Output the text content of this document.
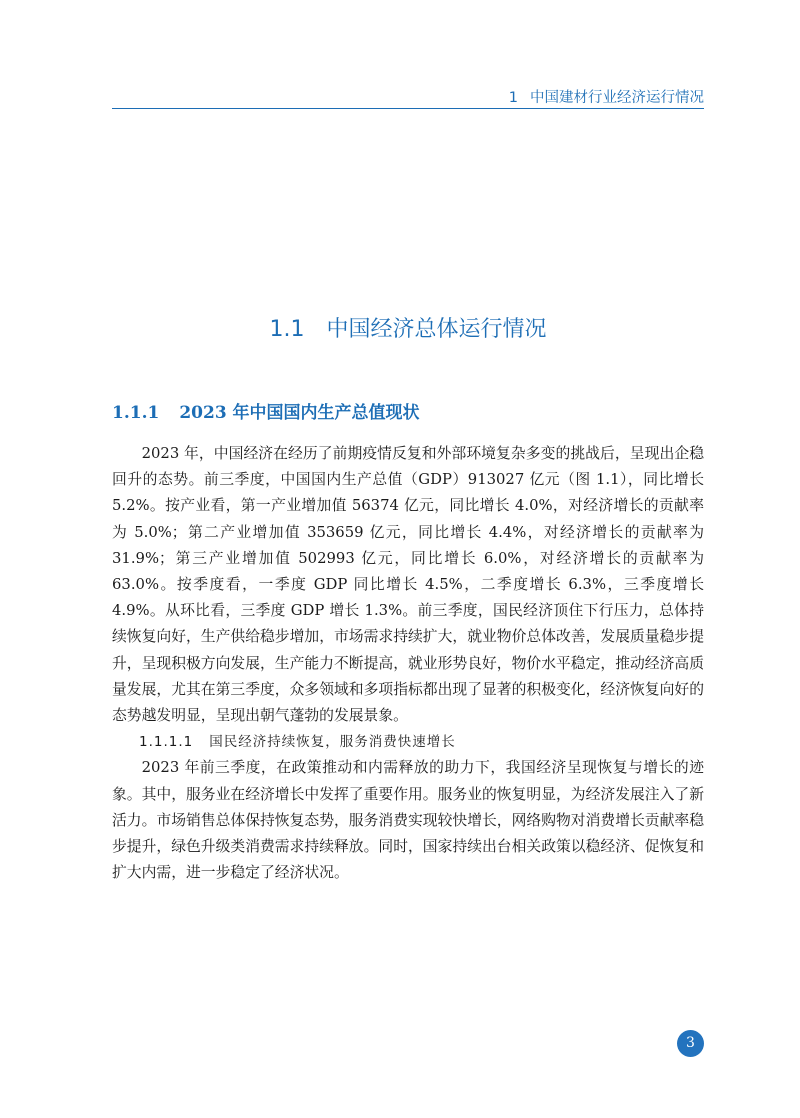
1 中国建材行业经济运行情况
1.1 中国经济总体运行情况
1.1.1 2023 年中国国内生产总值现状

2023 年，中国经济在经历了前期疫情反复和外部环境复杂多变的挑战后，呈现出企稳回升的态势。前三季度，中国国内生产总值（GDP）913027 亿元（图 1.1），同比增长 5.2%。按产业看，第一产业增加值 56374 亿元，同比增长 4.0%，对经济增长的贡献率为 5.0%；第二产业增加值 353659 亿元，同比增长 4.4%，对经济增长的贡献率为 31.9%；第三产业增加值 502993 亿元，同比增长 6.0%，对经济增长的贡献率为 63.0%。按季度看，一季度 GDP 同比增长 4.5%，二季度增长 6.3%，三季度增长 4.9%。从环比看，三季度 GDP 增长 1.3%。前三季度，国民经济顶住下行压力，总体持续恢复向好，生产供给稳步增加，市场需求持续扩大，就业物价总体改善，发展质量稳步提升，呈现积极方向发展，生产能力不断提高，就业形势良好，物价水平稳定，推动经济高质量发展，尤其在第三季度，众多领域和多项指标都出现了显著的积极变化，经济恢复向好的态势越发明显，呈现出朝气蓬勃的发展景象。

1.1.1.1 国民经济持续恢复，服务消费快速增长

2023 年前三季度，在政策推动和内需释放的助力下，我国经济呈现恢复与增长的迹象。其中，服务业在经济增长中发挥了重要作用。服务业的恢复明显，为经济发展注入了新活力。市场销售总体保持恢复态势，服务消费实现较快增长，网络购物对消费增长贡献率稳步提升，绿色升级类消费需求持续释放。同时，国家持续出台相关政策以稳经济、促恢复和扩大内需，进一步稳定了经济状况。

3
